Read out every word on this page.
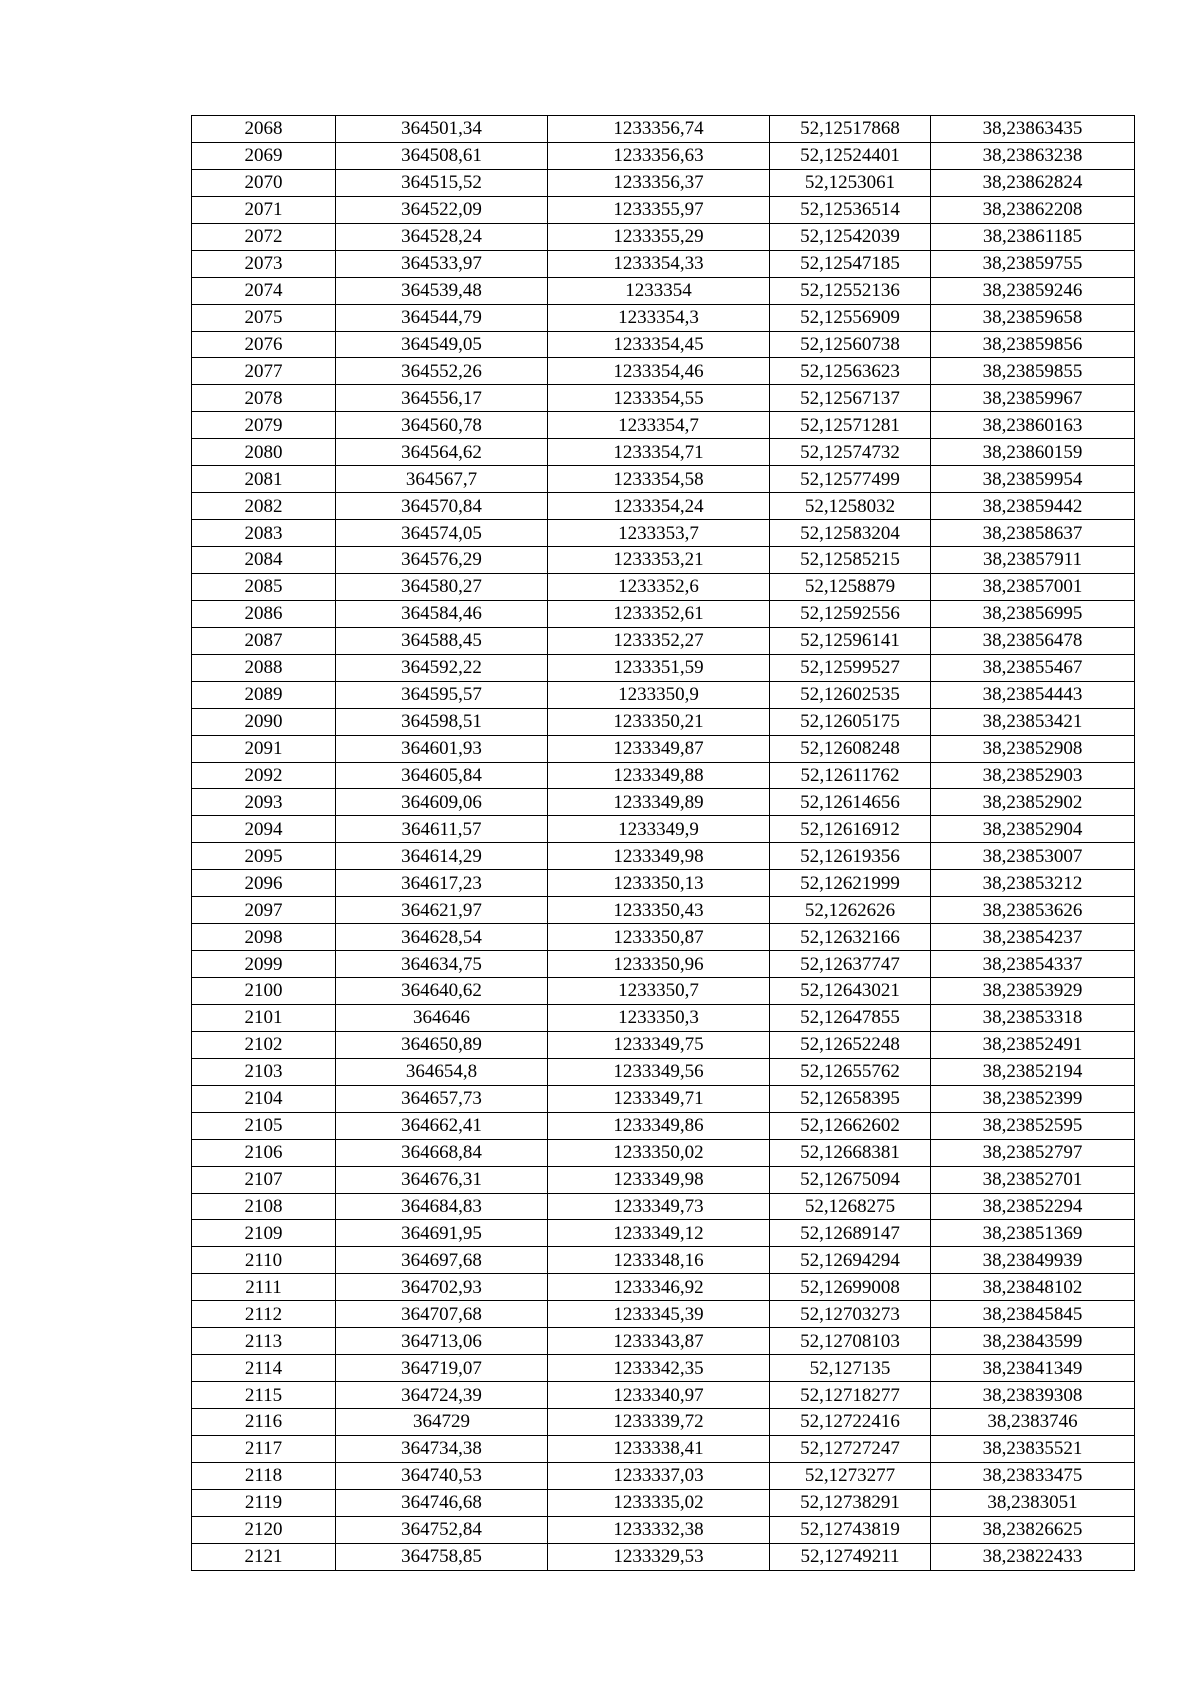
2068	364501,34	1233356,74	52,12517868	38,23863435
2069	364508,61	1233356,63	52,12524401	38,23863238
2070	364515,52	1233356,37	52,1253061	38,23862824
2071	364522,09	1233355,97	52,12536514	38,23862208
2072	364528,24	1233355,29	52,12542039	38,23861185
2073	364533,97	1233354,33	52,12547185	38,23859755
2074	364539,48	1233354	52,12552136	38,23859246
2075	364544,79	1233354,3	52,12556909	38,23859658
2076	364549,05	1233354,45	52,12560738	38,23859856
2077	364552,26	1233354,46	52,12563623	38,23859855
2078	364556,17	1233354,55	52,12567137	38,23859967
2079	364560,78	1233354,7	52,12571281	38,23860163
2080	364564,62	1233354,71	52,12574732	38,23860159
2081	364567,7	1233354,58	52,12577499	38,23859954
2082	364570,84	1233354,24	52,1258032	38,23859442
2083	364574,05	1233353,7	52,12583204	38,23858637
2084	364576,29	1233353,21	52,12585215	38,23857911
2085	364580,27	1233352,6	52,1258879	38,23857001
2086	364584,46	1233352,61	52,12592556	38,23856995
2087	364588,45	1233352,27	52,12596141	38,23856478
2088	364592,22	1233351,59	52,12599527	38,23855467
2089	364595,57	1233350,9	52,12602535	38,23854443
2090	364598,51	1233350,21	52,12605175	38,23853421
2091	364601,93	1233349,87	52,12608248	38,23852908
2092	364605,84	1233349,88	52,12611762	38,23852903
2093	364609,06	1233349,89	52,12614656	38,23852902
2094	364611,57	1233349,9	52,12616912	38,23852904
2095	364614,29	1233349,98	52,12619356	38,23853007
2096	364617,23	1233350,13	52,12621999	38,23853212
2097	364621,97	1233350,43	52,1262626	38,23853626
2098	364628,54	1233350,87	52,12632166	38,23854237
2099	364634,75	1233350,96	52,12637747	38,23854337
2100	364640,62	1233350,7	52,12643021	38,23853929
2101	364646	1233350,3	52,12647855	38,23853318
2102	364650,89	1233349,75	52,12652248	38,23852491
2103	364654,8	1233349,56	52,12655762	38,23852194
2104	364657,73	1233349,71	52,12658395	38,23852399
2105	364662,41	1233349,86	52,12662602	38,23852595
2106	364668,84	1233350,02	52,12668381	38,23852797
2107	364676,31	1233349,98	52,12675094	38,23852701
2108	364684,83	1233349,73	52,1268275	38,23852294
2109	364691,95	1233349,12	52,12689147	38,23851369
2110	364697,68	1233348,16	52,12694294	38,23849939
2111	364702,93	1233346,92	52,12699008	38,23848102
2112	364707,68	1233345,39	52,12703273	38,23845845
2113	364713,06	1233343,87	52,12708103	38,23843599
2114	364719,07	1233342,35	52,127135	38,23841349
2115	364724,39	1233340,97	52,12718277	38,23839308
2116	364729	1233339,72	52,12722416	38,2383746
2117	364734,38	1233338,41	52,12727247	38,23835521
2118	364740,53	1233337,03	52,1273277	38,23833475
2119	364746,68	1233335,02	52,12738291	38,2383051
2120	364752,84	1233332,38	52,12743819	38,23826625
2121	364758,85	1233329,53	52,12749211	38,23822433
